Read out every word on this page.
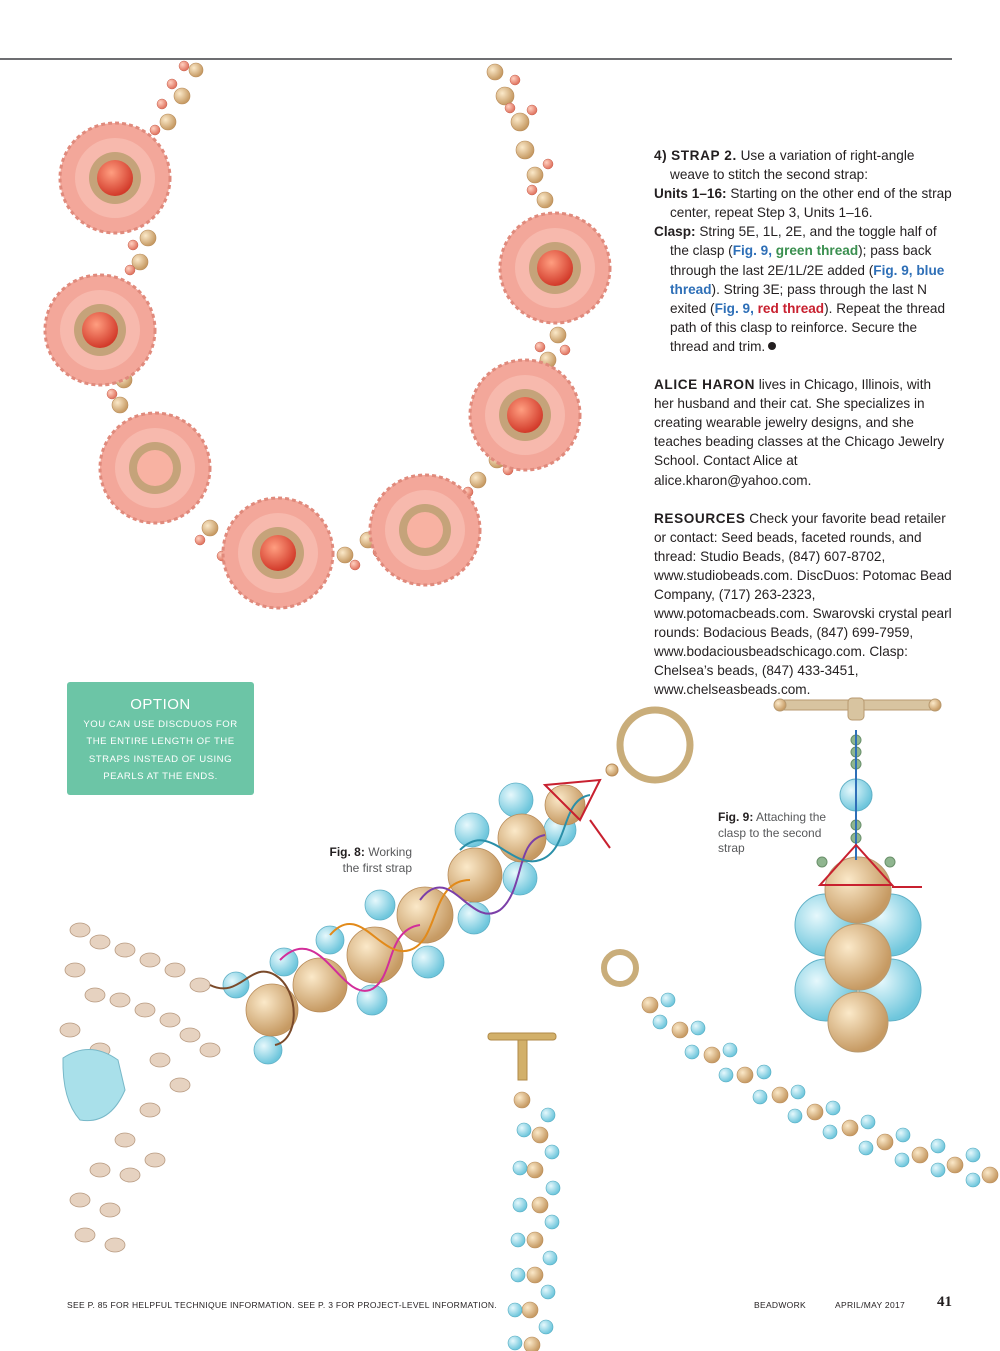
4) STRAP 2. Use a variation of right-angle weave to stitch the second strap:

Units 1–16: Starting on the other end of the strap center, repeat Step 3, Units 1–16.

Clasp: String 5E, 1L, 2E, and the toggle half of the clasp (Fig. 9, green thread); pass back through the last 2E/1L/2E added (Fig. 9, blue thread). String 3E; pass through the last N exited (Fig. 9, red thread). Repeat the thread path of this clasp to reinforce. Secure the thread and trim.

ALICE HARON lives in Chicago, Illinois, with her husband and their cat. She specializes in creating wearable jewelry designs, and she teaches beading classes at the Chicago Jewelry School. Contact Alice at alice.kharon@yahoo.com.

RESOURCES Check your favorite bead retailer or contact: Seed beads, faceted rounds, and thread: Studio Beads, (847) 607-8702, www.studiobeads.com. DiscDuos: Potomac Bead Company, (717) 263-2323, www.potomacbeads.com. Swarovski crystal pearl rounds: Bodacious Beads, (847) 699-7959, www.bodaciousbeadschicago.com. Clasp: Chelsea’s beads, (847) 433-3451, www.chelseasbeads.com.

OPTION
YOU CAN USE DISCDUOS FOR THE ENTIRE LENGTH OF THE STRAPS INSTEAD OF USING PEARLS AT THE ENDS.
Fig. 8: Working the first strap
Fig. 9: Attaching the clasp to the second strap
SEE P. 85 FOR HELPFUL TECHNIQUE INFORMATION. SEE P. 3 FOR PROJECT-LEVEL INFORMATION.	BEADWORK	APRIL/MAY 2017 41
